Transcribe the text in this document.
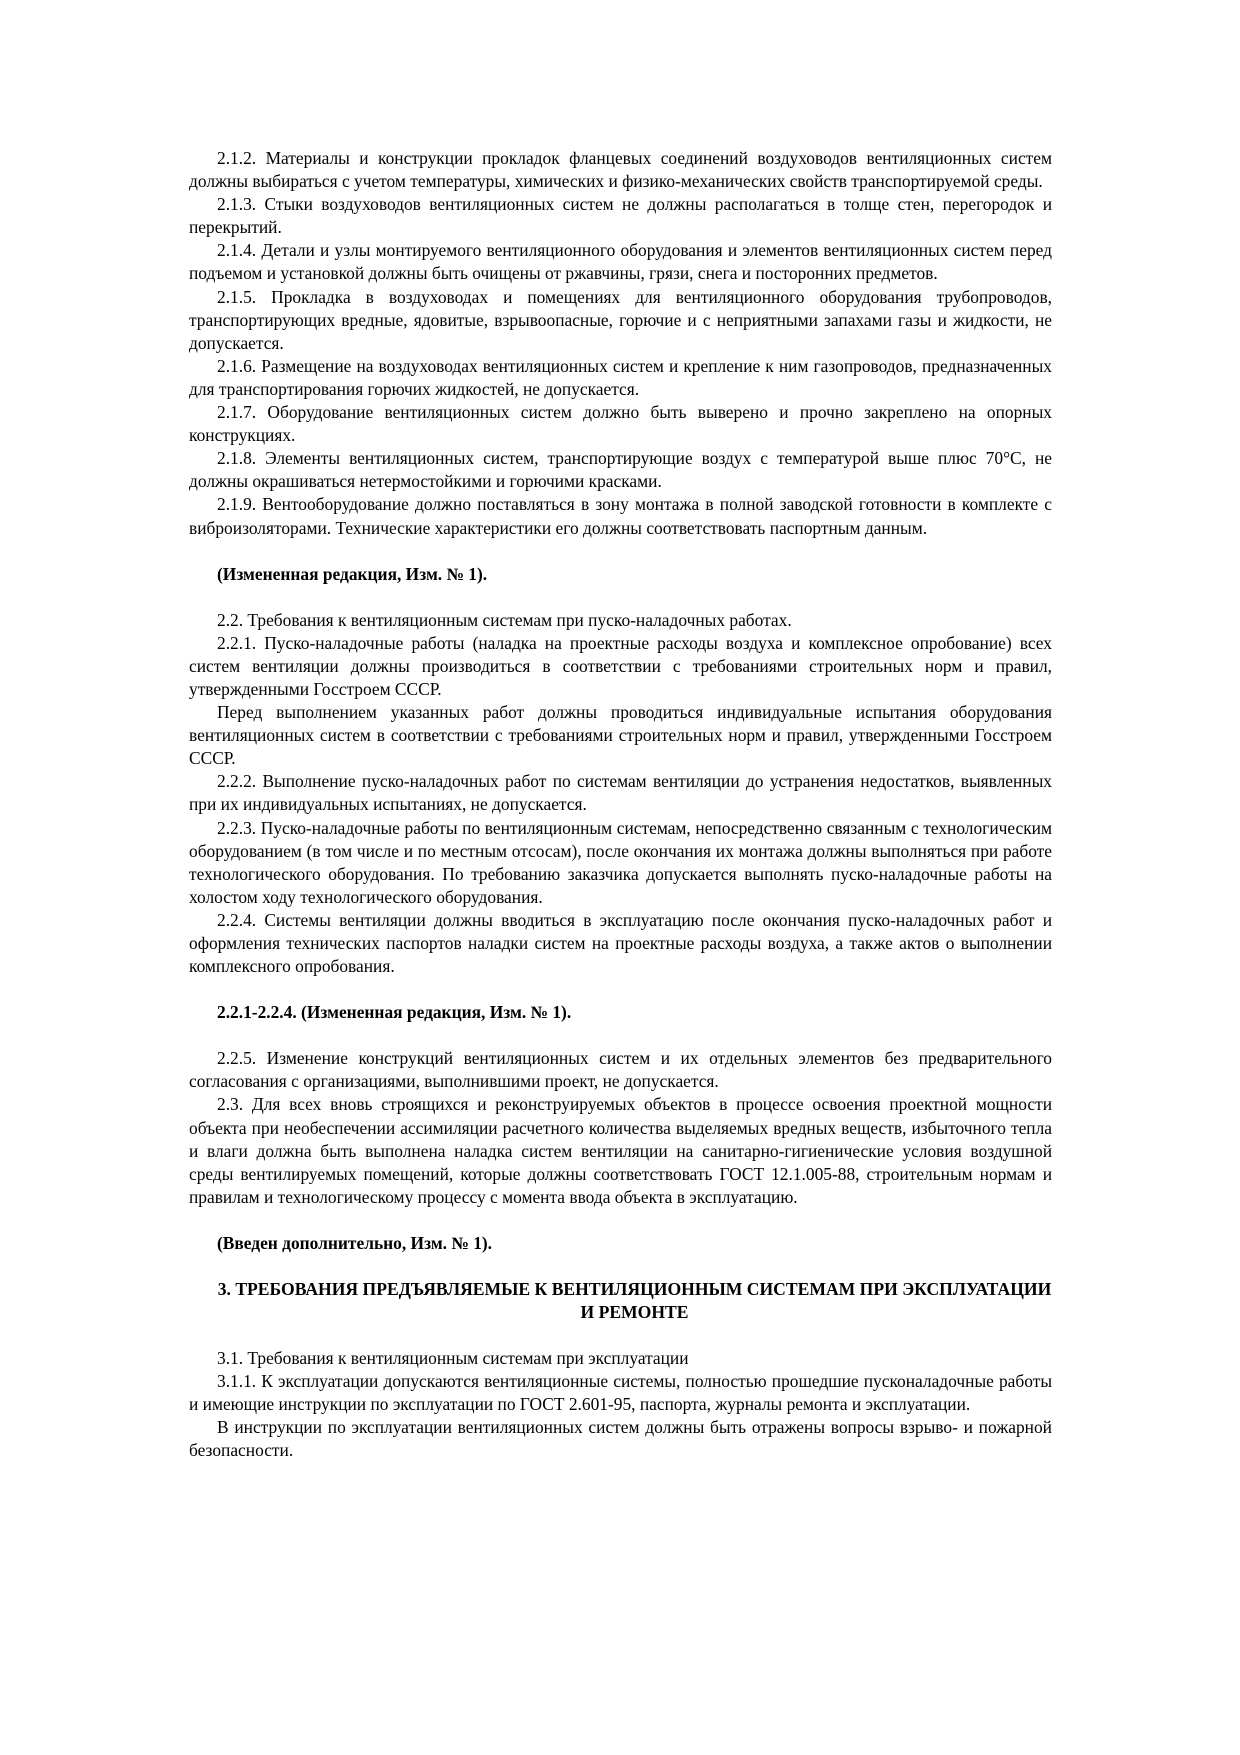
2.1.2. Материалы и конструкции прокладок фланцевых соединений воздуховодов вентиляционных систем должны выбираться с учетом температуры, химических и физико-механических свойств транспортируемой среды.

2.1.3. Стыки воздуховодов вентиляционных систем не должны располагаться в толще стен, перегородок и перекрытий.

2.1.4. Детали и узлы монтируемого вентиляционного оборудования и элементов вентиляционных систем перед подъемом и установкой должны быть очищены от ржавчины, грязи, снега и посторонних предметов.

2.1.5. Прокладка в воздуховодах и помещениях для вентиляционного оборудования трубопроводов, транспортирующих вредные, ядовитые, взрывоопасные, горючие и с неприятными запахами газы и жидкости, не допускается.

2.1.6. Размещение на воздуховодах вентиляционных систем и крепление к ним газопроводов, предназначенных для транспортирования горючих жидкостей, не допускается.

2.1.7. Оборудование вентиляционных систем должно быть выверено и прочно закреплено на опорных конструкциях.

2.1.8. Элементы вентиляционных систем, транспортирующие воздух с температурой выше плюс 70°С, не должны окрашиваться нетермостойкими и горючими красками.

2.1.9. Вентооборудование должно поставляться в зону монтажа в полной заводской готовности в комплекте с виброизоляторами. Технические характеристики его должны соответствовать паспортным данным.

(Измененная редакция, Изм. № 1).

2.2. Требования к вентиляционным системам при пуско-наладочных работах.

2.2.1. Пуско-наладочные работы (наладка на проектные расходы воздуха и комплексное опробование) всех систем вентиляции должны производиться в соответствии с требованиями строительных норм и правил, утвержденными Госстроем СССР.

Перед выполнением указанных работ должны проводиться индивидуальные испытания оборудования вентиляционных систем в соответствии с требованиями строительных норм и правил, утвержденными Госстроем СССР.

2.2.2. Выполнение пуско-наладочных работ по системам вентиляции до устранения недостатков, выявленных при их индивидуальных испытаниях, не допускается.

2.2.3. Пуско-наладочные работы по вентиляционным системам, непосредственно связанным с технологическим оборудованием (в том числе и по местным отсосам), после окончания их монтажа должны выполняться при работе технологического оборудования. По требованию заказчика допускается выполнять пуско-наладочные работы на холостом ходу технологического оборудования.

2.2.4. Системы вентиляции должны вводиться в эксплуатацию после окончания пуско-наладочных работ и оформления технических паспортов наладки систем на проектные расходы воздуха, а также актов о выполнении комплексного опробования.

2.2.1-2.2.4. (Измененная редакция, Изм. № 1).

2.2.5. Изменение конструкций вентиляционных систем и их отдельных элементов без предварительного согласования с организациями, выполнившими проект, не допускается.

2.3. Для всех вновь строящихся и реконструируемых объектов в процессе освоения проектной мощности объекта при необеспечении ассимиляции расчетного количества выделяемых вредных веществ, избыточного тепла и влаги должна быть выполнена наладка систем вентиляции на санитарно-гигиенические условия воздушной среды вентилируемых помещений, которые должны соответствовать ГОСТ 12.1.005-88, строительным нормам и правилам и технологическому процессу с момента ввода объекта в эксплуатацию.

(Введен дополнительно, Изм. № 1).

3. ТРЕБОВАНИЯ ПРЕДЪЯВЛЯЕМЫЕ К ВЕНТИЛЯЦИОННЫМ СИСТЕМАМ ПРИ ЭКСПЛУАТАЦИИ И РЕМОНТЕ

3.1. Требования к вентиляционным системам при эксплуатации

3.1.1. К эксплуатации допускаются вентиляционные системы, полностью прошедшие пусконаладочные работы и имеющие инструкции по эксплуатации по ГОСТ 2.601-95, паспорта, журналы ремонта и эксплуатации.

В инструкции по эксплуатации вентиляционных систем должны быть отражены вопросы взрыво- и пожарной безопасности.
